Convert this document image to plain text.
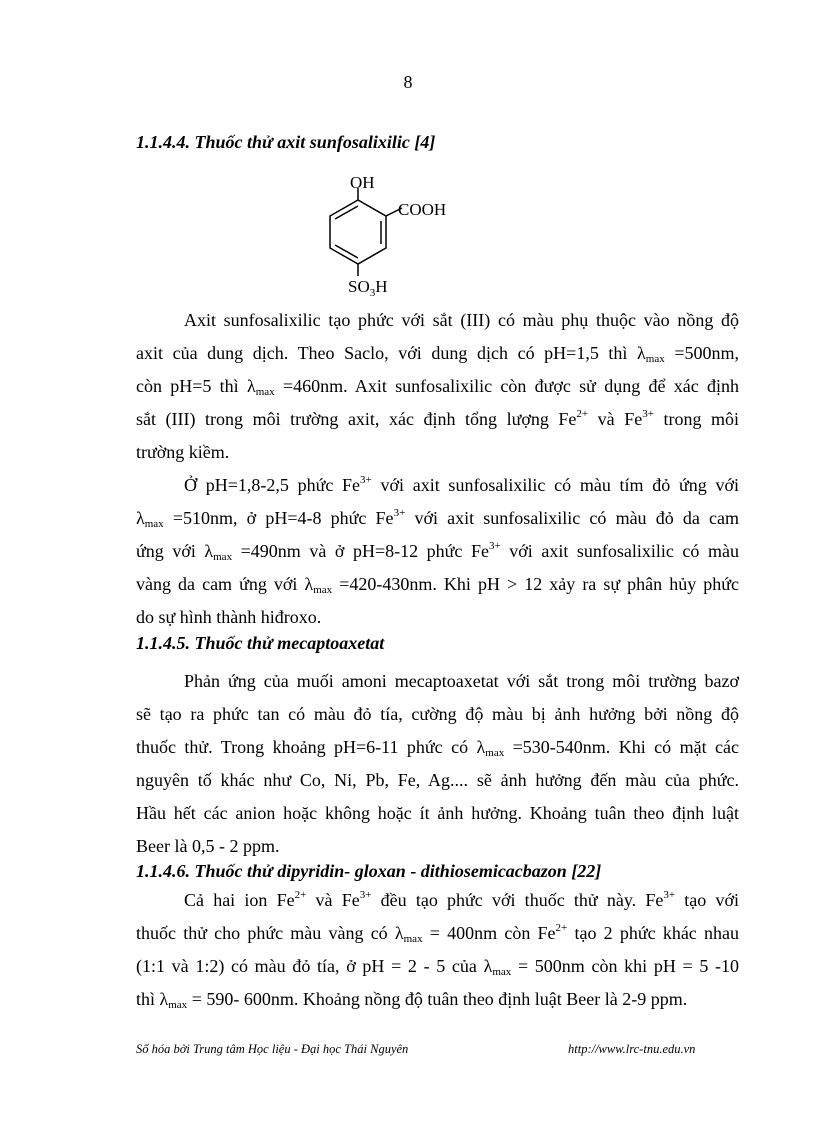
8
1.1.4.4. Thuốc thử axit sunfosalixilic [4]
OH
COOH
$SO_3H$
Axit sunfosalixilic tạo phức với sắt (III) có màu phụ thuộc vào nồng độ
axit của dung dịch. Theo Saclo, với dung dịch có pH=1,5 thì $\lambda_{max} =500nm$,
còn pH=5 thì $\lambda_{max} =460nm$. Axit sunfosalixilic còn được sử dụng để xác định
sắt (III) trong môi trường axit, xác định tổng lượng $Fe^{2+}$ và $Fe^{3+}$ trong môi
trường kiềm.
Ở pH=1,8-2,5 phức $Fe^{3+}$ với axit sunfosalixilic có màu tím đỏ ứng với
$\lambda_{max} =510nm$, ở pH=4-8 phức $Fe^{3+}$ với axit sunfosalixilic có màu đỏ da cam
ứng với $\lambda_{max} =490nm$ và ở pH=8-12 phức $Fe^{3+}$ với axit sunfosalixilic có màu
vàng da cam ứng với $\lambda_{max} =420-430nm$. Khi pH > 12 xảy ra sự phân hủy phức
do sự hình thành hiđroxo.
1.1.4.5. Thuốc thử mecaptoaxetat
Phản ứng của muối amoni mecaptoaxetat với sắt trong môi trường bazơ
sẽ tạo ra phức tan có màu đỏ tía, cường độ màu bị ảnh hưởng bởi nồng độ
thuốc thử. Trong khoảng pH=6-11 phức có $\lambda_{max} =530-540nm$. Khi có mặt các
nguyên tố khác như Co, Ni, Pb, Fe, Ag.... sẽ ảnh hưởng đến màu của phức.
Hầu hết các anion hoặc không hoặc ít ảnh hưởng. Khoảng tuân theo định luật
Beer là 0,5 - 2 ppm.
1.1.4.6. Thuốc thử dipyridin- gloxan - dithiosemicacbazon [22]
Cả hai ion $Fe^{2+}$ và $Fe^{3+}$ đều tạo phức với thuốc thử này. $Fe^{3+}$ tạo với
thuốc thử cho phức màu vàng có $\lambda_{max} = 400nm$ còn $Fe^{2+}$ tạo 2 phức khác nhau
(1:1 và 1:2) có màu đỏ tía, ở pH = 2 - 5 của $\lambda_{max} = 500nm$ còn khi pH = 5 -10
thì $\lambda_{max} = 590-$ 600nm. Khoảng nồng độ tuân theo định luật Beer là 2-9 ppm.
Số hóa bởi Trung tâm Học liệu - Đại học Thái Nguyên	http://www.lrc-tnu.edu.vn
